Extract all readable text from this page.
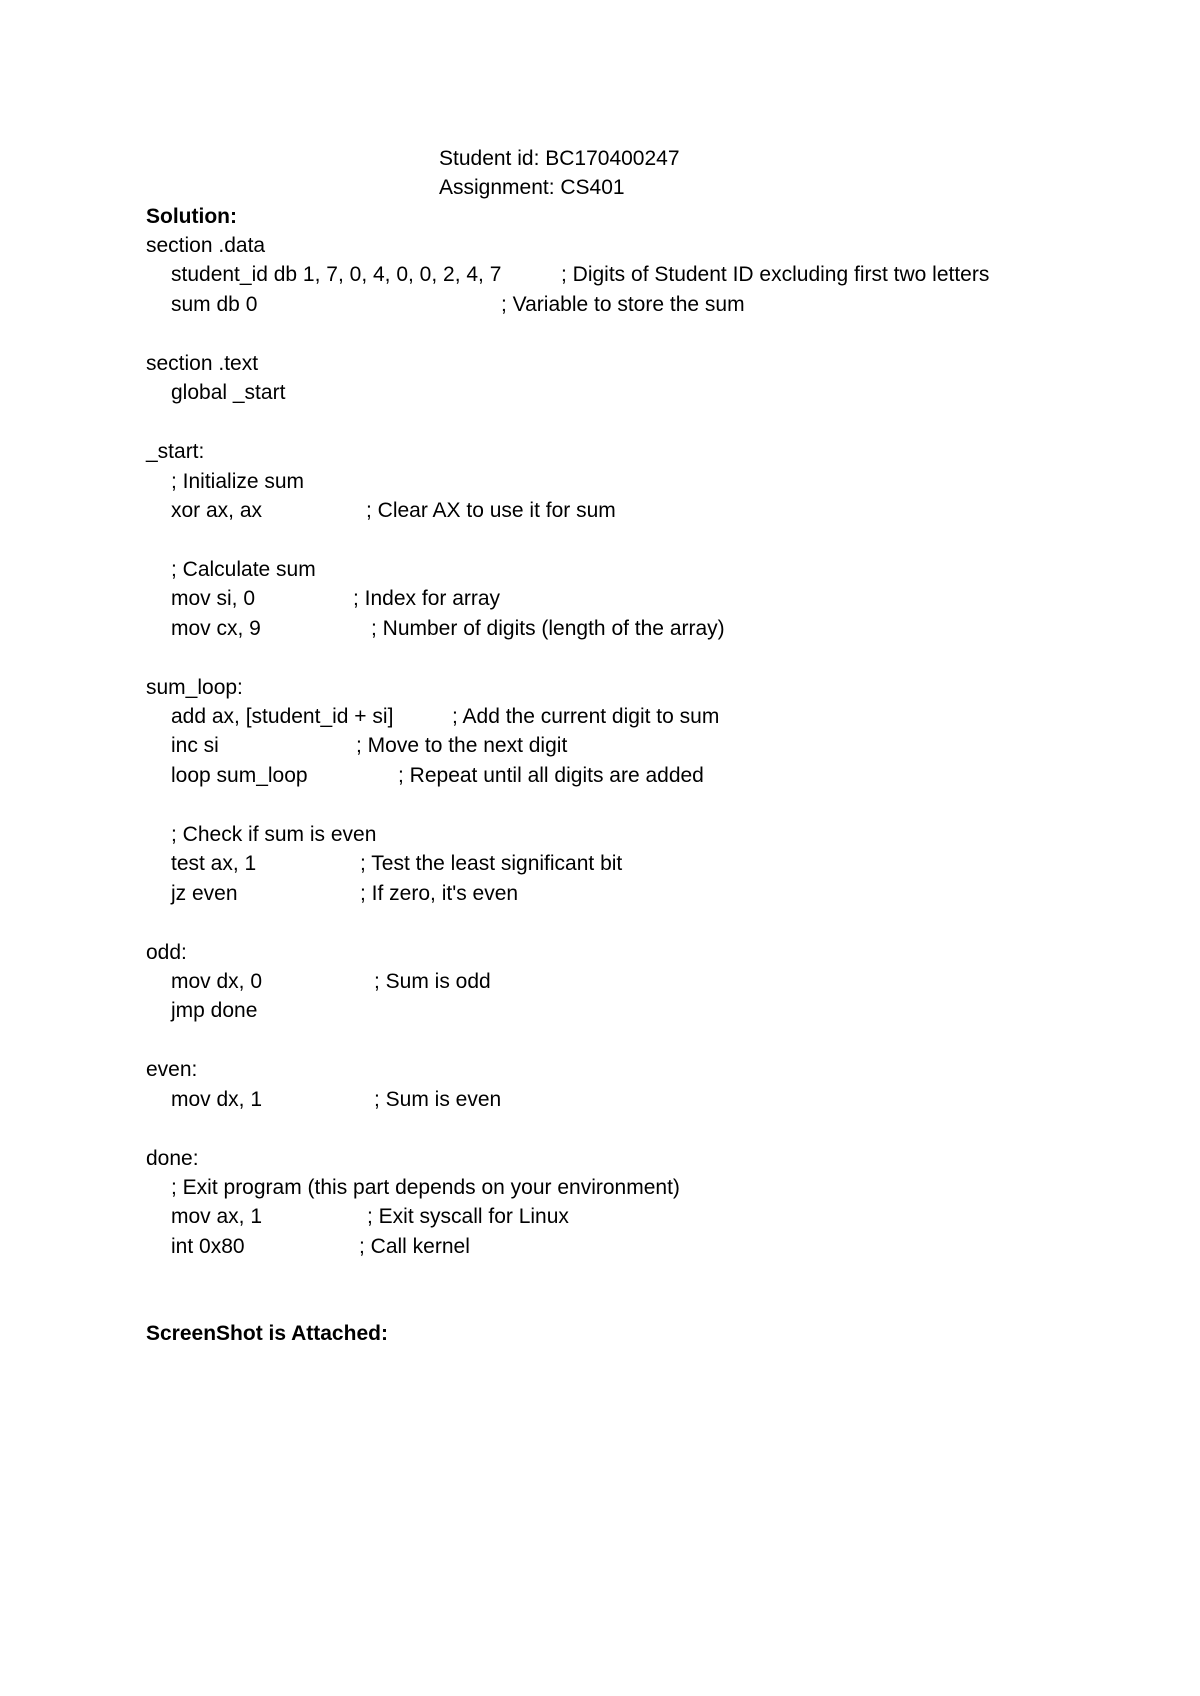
Student id: BC170400247
Assignment: CS401
Solution:
section .data
student_id db 1, 7, 0, 4, 0, 0, 2, 4, 7	; Digits of Student ID excluding first two letters
sum db 0	; Variable to store the sum
section .text
global _start
_start:
; Initialize sum
xor ax, ax	; Clear AX to use it for sum
; Calculate sum
mov si, 0	; Index for array
mov cx, 9	; Number of digits (length of the array)
sum_loop:
add ax, [student_id + si]	; Add the current digit to sum
inc si	; Move to the next digit
loop sum_loop	; Repeat until all digits are added
; Check if sum is even
test ax, 1	; Test the least significant bit
jz even	; If zero, it's even
odd:
mov dx, 0	; Sum is odd
jmp done
even:
mov dx, 1	; Sum is even
done:
; Exit program (this part depends on your environment)
mov ax, 1	; Exit syscall for Linux
int 0x80	; Call kernel
ScreenShot is Attached:
